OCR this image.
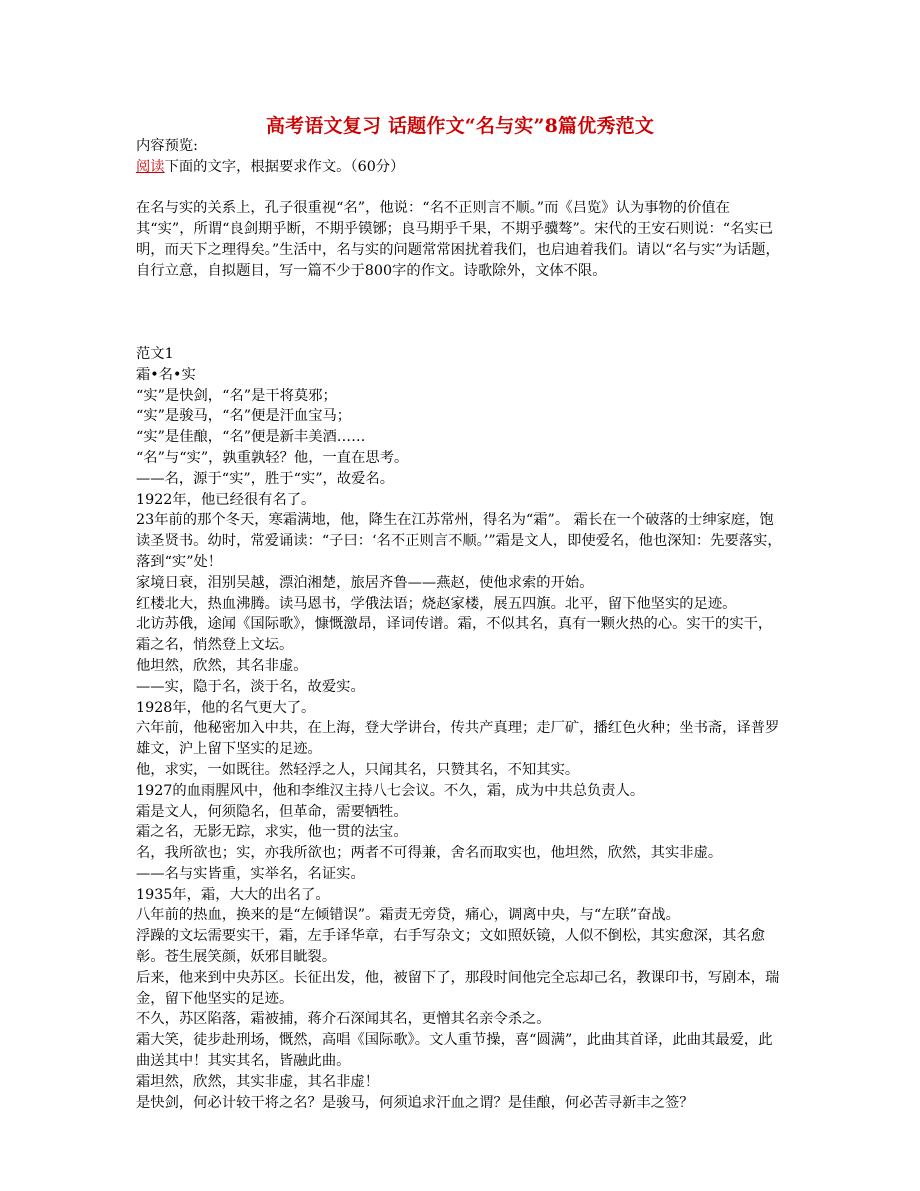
高考语文复习 话题作文“名与实”8篇优秀范文

内容预览:

阅读下面的文字，根据要求作文。（60分）

在名与实的关系上，孔子很重视“名”，他说：“名不正则言不顺。”而《吕览》认为事物的价值在其“实”，所谓“良剑期乎断，不期乎镆铘；良马期乎千果，不期乎骥骜”。宋代的王安石则说：“名实已明，而天下之理得矣。”生活中，名与实的问题常常困扰着我们，也启迪着我们。请以“名与实”为话题，自行立意，自拟题目，写一篇不少于800字的作文。诗歌除外，文体不限。

范文1

霜•名•实

“实”是快剑，“名”是干将莫邪；

“实”是骏马，“名”便是汗血宝马；

“实”是佳酿，“名”便是新丰美酒……

“名”与“实”，孰重孰轻？他，一直在思考。

——名，源于“实”，胜于“实”，故爱名。

1922年，他已经很有名了。

23年前的那个冬天，寒霜满地，他，降生在江苏常州，得名为“霜”。 霜长在一个破落的士绅家庭，饱读圣贤书。幼时，常爱诵读：“子曰：‘名不正则言不顺。’”霜是文人，即使爱名，他也深知：先要落实，落到“实”处！

家境日衰，泪别吴越，漂泊湘楚，旅居齐鲁——燕赵，使他求索的开始。

红楼北大，热血沸腾。读马恩书，学俄法语；烧赵家楼，展五四旗。北平，留下他坚实的足迹。

北访苏俄，途闻《国际歌》，慷慨激昂，译词传谱。霜，不似其名，真有一颗火热的心。实干的实干，霜之名，悄然登上文坛。

他坦然，欣然，其名非虚。

——实，隐于名，淡于名，故爱实。

1928年，他的名气更大了。

六年前，他秘密加入中共，在上海，登大学讲台，传共产真理；走厂矿，播红色火种；坐书斋，译普罗雄文，沪上留下坚实的足迹。

他，求实，一如既往。然轻浮之人，只闻其名，只赞其名，不知其实。

1927的血雨腥风中，他和李维汉主持八七会议。不久，霜，成为中共总负责人。

霜是文人，何须隐名，但革命，需要牺牲。

霜之名，无影无踪，求实，他一贯的法宝。

名，我所欲也；实，亦我所欲也；两者不可得兼，舍名而取实也，他坦然，欣然，其实非虚。

——名与实皆重，实举名，名证实。

1935年，霜，大大的出名了。

八年前的热血，换来的是“左倾错误”。霜责无旁贷，痛心，调离中央，与“左联”奋战。

浮躁的文坛需要实干，霜，左手译华章，右手写杂文；文如照妖镜，人似不倒松，其实愈深，其名愈彰。苍生展笑颜，妖邪目眦裂。

后来，他来到中央苏区。长征出发，他，被留下了，那段时间他完全忘却己名，教课印书，写剧本，瑞金，留下他坚实的足迹。

不久，苏区陷落，霜被捕，蒋介石深闻其名，更憎其名亲令杀之。

霜大笑，徒步赴刑场，慨然，高唱《国际歌》。文人重节操，喜“圆满”，此曲其首译，此曲其最爱，此曲送其中！其实其名，皆融此曲。

霜坦然，欣然，其实非虚，其名非虚！

是快剑，何必计较干将之名？是骏马，何须追求汗血之谓？是佳酿，何必苦寻新丰之签？
